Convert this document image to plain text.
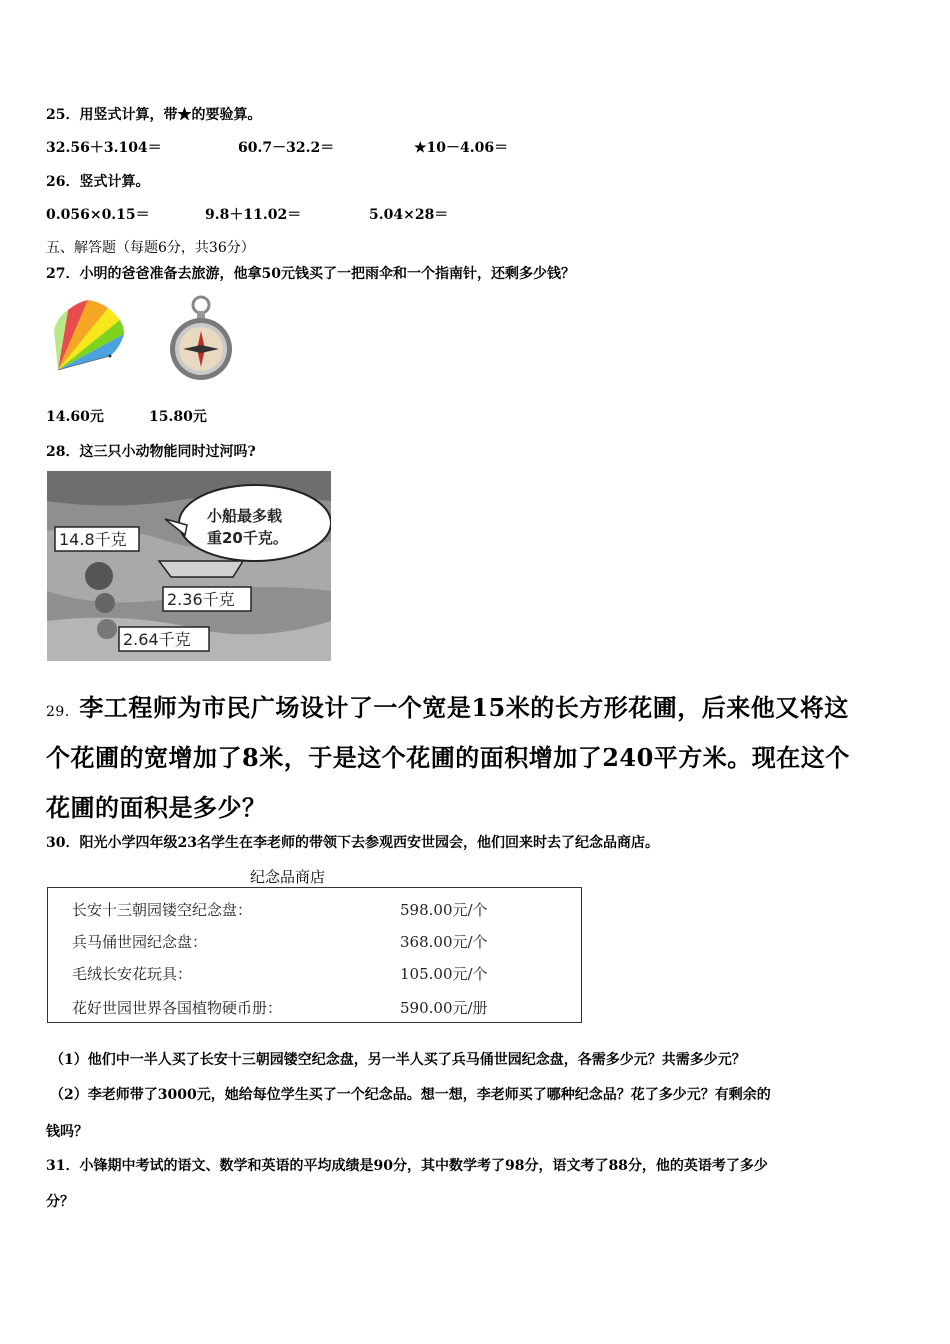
25．用竖式计算，带★的要验算。
32.56＋3.104＝	60.7－32.2＝	★10－4.06＝
26．竖式计算。
0.056×0.15＝	9.8＋11.02＝	5.04×28＝
五、解答题（每题6分，共36分）
27．小明的爸爸准备去旅游，他拿50元钱买了一把雨伞和一个指南针，还剩多少钱？
14.60元	15.80元
28．这三只小动物能同时过河吗?
小船最多载
重20千克。
14.8千克
2.36千克
2.64千克
29．李工程师为市民广场设计了一个宽是15米的长方形花圃，后来他又将这
个花圃的宽增加了8米，于是这个花圃的面积增加了240平方米。现在这个
花圃的面积是多少？
30．阳光小学四年级23名学生在李老师的带领下去参观西安世园会，他们回来时去了纪念品商店。
纪念品商店
长安十三朝园镂空纪念盘：	598.00元/个
兵马俑世园纪念盘：	368.00元/个
毛绒长安花玩具：	105.00元/个
花好世园世界各国植物硬币册：	590.00元/册
（1）他们中一半人买了长安十三朝园镂空纪念盘，另一半人买了兵马俑世园纪念盘，各需多少元？共需多少元？
（2）李老师带了3000元，她给每位学生买了一个纪念品。想一想，李老师买了哪种纪念品？花了多少元？有剩余的
钱吗？
31．小锋期中考试的语文、数学和英语的平均成绩是90分，其中数学考了98分，语文考了88分，他的英语考了多少
分？
